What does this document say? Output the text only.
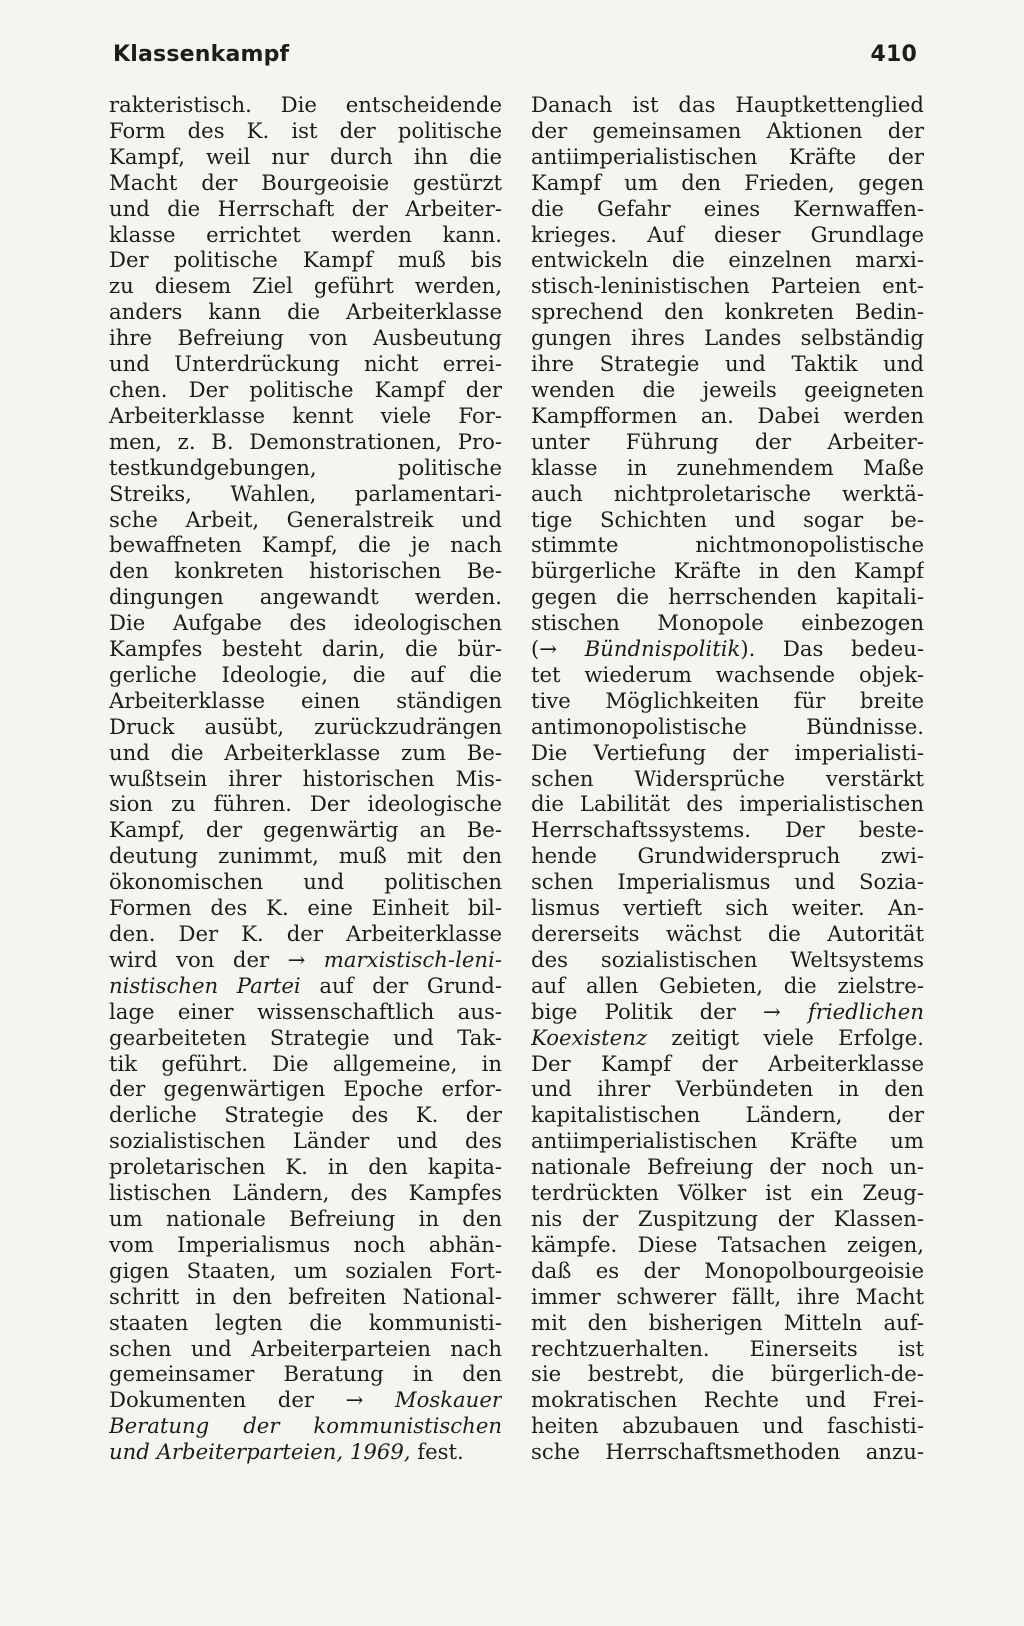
Klassenkampf	410
rakteristisch. Die entscheidende
Form des K. ist der politische
Kampf, weil nur durch ihn die
Macht der Bourgeoisie gestürzt
und die Herrschaft der Arbeiter-
klasse errichtet werden kann.
Der politische Kampf muß bis
zu diesem Ziel geführt werden,
anders kann die Arbeiterklasse
ihre Befreiung von Ausbeutung
und Unterdrückung nicht errei-
chen. Der politische Kampf der
Arbeiterklasse kennt viele For-
men, z. B. Demonstrationen, Pro-
testkundgebungen, politische
Streiks, Wahlen, parlamentari-
sche Arbeit, Generalstreik und
bewaffneten Kampf, die je nach
den konkreten historischen Be-
dingungen angewandt werden.
Die Aufgabe des ideologischen
Kampfes besteht darin, die bür-
gerliche Ideologie, die auf die
Arbeiterklasse einen ständigen
Druck ausübt, zurückzudrängen
und die Arbeiterklasse zum Be-
wußtsein ihrer historischen Mis-
sion zu führen. Der ideologische
Kampf, der gegenwärtig an Be-
deutung zunimmt, muß mit den
ökonomischen und politischen
Formen des K. eine Einheit bil-
den. Der K. der Arbeiterklasse
wird von der → marxistisch-leni-
nistischen Partei auf der Grund-
lage einer wissenschaftlich aus-
gearbeiteten Strategie und Tak-
tik geführt. Die allgemeine, in
der gegenwärtigen Epoche erfor-
derliche Strategie des K. der
sozialistischen Länder und des
proletarischen K. in den kapita-
listischen Ländern, des Kampfes
um nationale Befreiung in den
vom Imperialismus noch abhän-
gigen Staaten, um sozialen Fort-
schritt in den befreiten National-
staaten legten die kommunisti-
schen und Arbeiterparteien nach
gemeinsamer Beratung in den
Dokumenten der → Moskauer
Beratung der kommunistischen
und Arbeiterparteien, 1969, fest.
Danach ist das Hauptkettenglied
der gemeinsamen Aktionen der
antiimperialistischen Kräfte der
Kampf um den Frieden, gegen
die Gefahr eines Kernwaffen-
krieges. Auf dieser Grundlage
entwickeln die einzelnen marxi-
stisch-leninistischen Parteien ent-
sprechend den konkreten Bedin-
gungen ihres Landes selbständig
ihre Strategie und Taktik und
wenden die jeweils geeigneten
Kampfformen an. Dabei werden
unter Führung der Arbeiter-
klasse in zunehmendem Maße
auch nichtproletarische werktä-
tige Schichten und sogar be-
stimmte nichtmonopolistische
bürgerliche Kräfte in den Kampf
gegen die herrschenden kapitali-
stischen Monopole einbezogen
(→ Bündnispolitik). Das bedeu-
tet wiederum wachsende objek-
tive Möglichkeiten für breite
antimonopolistische Bündnisse.
Die Vertiefung der imperialisti-
schen Widersprüche verstärkt
die Labilität des imperialistischen
Herrschaftssystems. Der beste-
hende Grundwiderspruch zwi-
schen Imperialismus und Sozia-
lismus vertieft sich weiter. An-
dererseits wächst die Autorität
des sozialistischen Weltsystems
auf allen Gebieten, die zielstre-
bige Politik der → friedlichen
Koexistenz zeitigt viele Erfolge.
Der Kampf der Arbeiterklasse
und ihrer Verbündeten in den
kapitalistischen Ländern, der
antiimperialistischen Kräfte um
nationale Befreiung der noch un-
terdrückten Völker ist ein Zeug-
nis der Zuspitzung der Klassen-
kämpfe. Diese Tatsachen zeigen,
daß es der Monopolbourgeoisie
immer schwerer fällt, ihre Macht
mit den bisherigen Mitteln auf-
rechtzuerhalten. Einerseits ist
sie bestrebt, die bürgerlich-de-
mokratischen Rechte und Frei-
heiten abzubauen und faschisti-
sche Herrschaftsmethoden anzu-
